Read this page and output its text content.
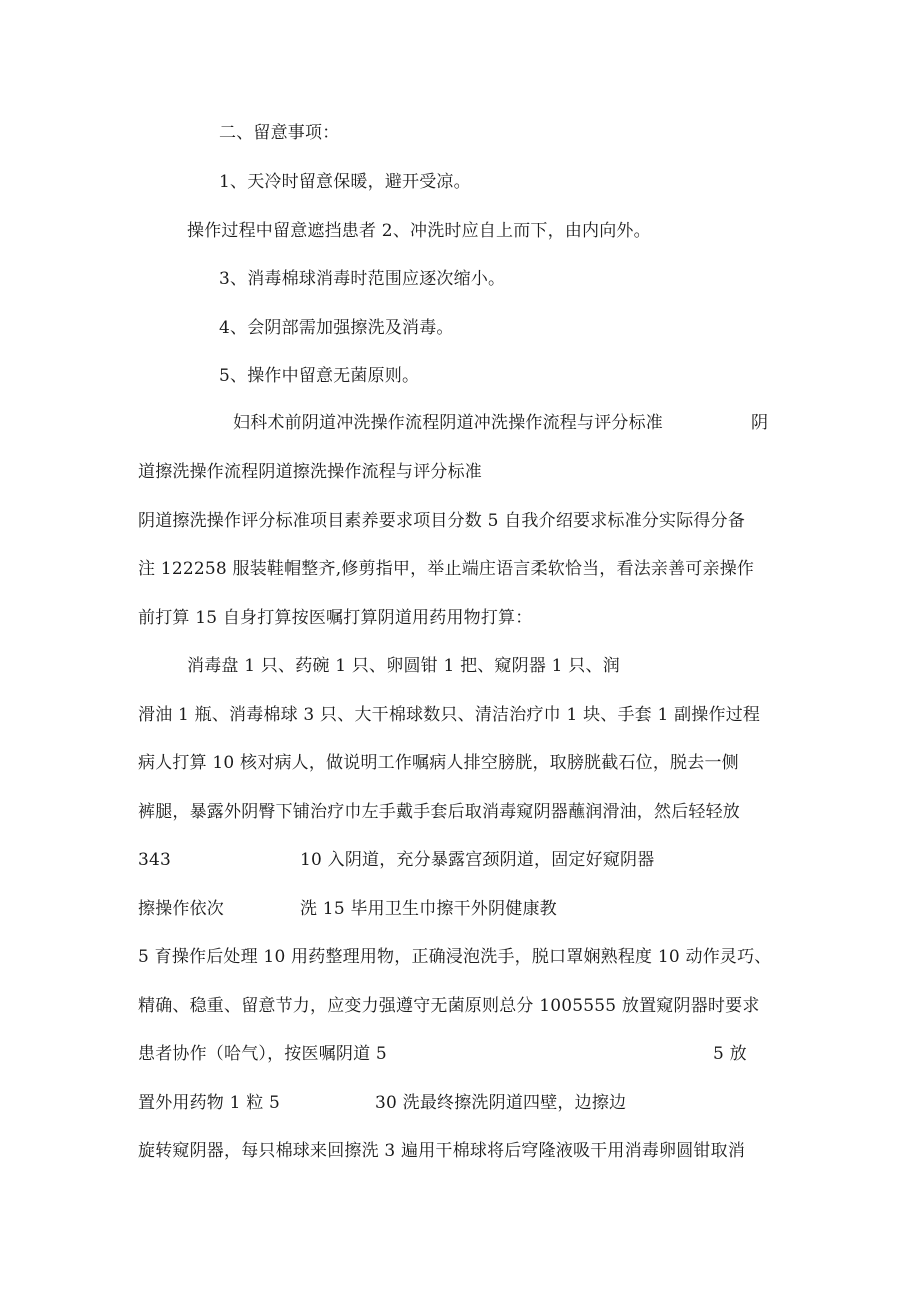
二、留意事项：
1、天冷时留意保暖，避开受凉。
操作过程中留意遮挡患者 2、冲洗时应自上而下，由内向外。
3、消毒棉球消毒时范围应逐次缩小。
4、会阴部需加强擦洗及消毒。
5、操作中留意无菌原则。
妇科术前阴道冲洗操作流程阴道冲洗操作流程与评分标准	阴
道擦洗操作流程阴道擦洗操作流程与评分标准
阴道擦洗操作评分标准项目素养要求项目分数 5 自我介绍要求标准分实际得分备
注 122258 服装鞋帽整齐,修剪指甲，举止端庄语言柔软恰当，看法亲善可亲操作
前打算 15 自身打算按医嘱打算阴道用药用物打算：
消毒盘 1 只、药碗 1 只、卵圆钳 1 把、窥阴器 1 只、润
滑油 1 瓶、消毒棉球 3 只、大干棉球数只、清洁治疗巾 1 块、手套 1 副操作过程
病人打算 10 核对病人，做说明工作嘱病人排空膀胱，取膀胱截石位，脱去一侧
裤腿，暴露外阴臀下铺治疗巾左手戴手套后取消毒窥阴器蘸润滑油，然后轻轻放
343	10 入阴道，充分暴露宫颈阴道，固定好窥阴器
擦操作依次	洗 15 毕用卫生巾擦干外阴健康教
5 育操作后处理 10 用药整理用物，正确浸泡洗手，脱口罩娴熟程度 10 动作灵巧、
精确、稳重、留意节力，应变力强遵守无菌原则总分 1005555 放置窥阴器时要求
患者协作（哈气），按医嘱阴道 5	5 放
置外用药物 1 粒 5	30 洗最终擦洗阴道四壁，边擦边
旋转窥阴器，每只棉球来回擦洗 3 遍用干棉球将后穹隆液吸干用消毒卵圆钳取消
